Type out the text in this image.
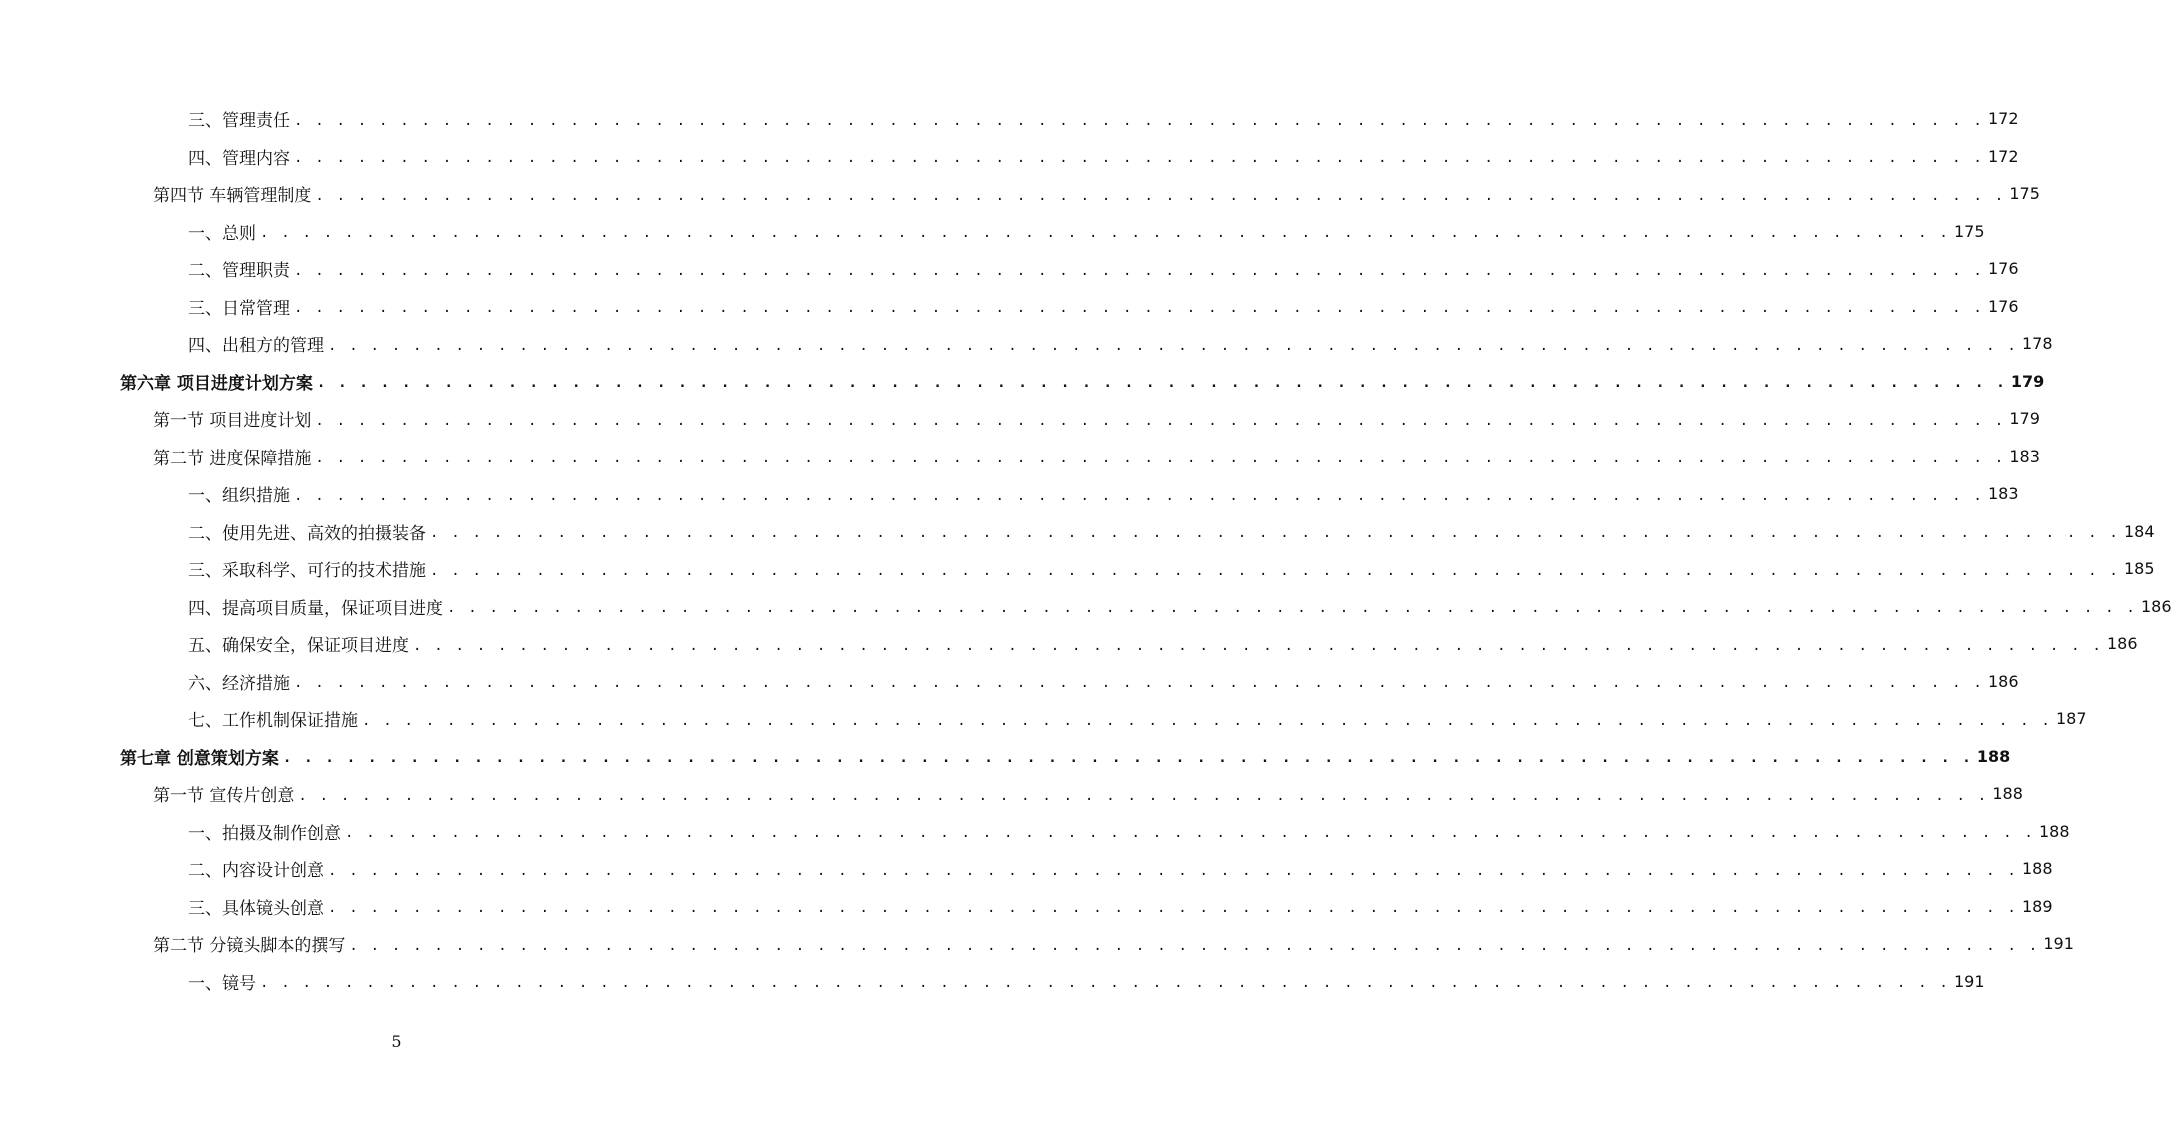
三、管理责任 . . . . . . . . . . . . . . . . . . . . . . . . . . . . . . . . . . . . . . . . . . . . . . . . . . . . . . . . . . . . . . . . . . . . . . . . . . . . . . . . 172
四、管理内容 . . . . . . . . . . . . . . . . . . . . . . . . . . . . . . . . . . . . . . . . . . . . . . . . . . . . . . . . . . . . . . . . . . . . . . . . . . . . . . . . 172
第四节 车辆管理制度 . . . . . . . . . . . . . . . . . . . . . . . . . . . . . . . . . . . . . . . . . . . . . . . . . . . . . . . . . . . . . . . . . . . . . . . . . . . . . . . . 175
一、总则 . . . . . . . . . . . . . . . . . . . . . . . . . . . . . . . . . . . . . . . . . . . . . . . . . . . . . . . . . . . . . . . . . . . . . . . . . . . . . . . . 175
二、管理职责 . . . . . . . . . . . . . . . . . . . . . . . . . . . . . . . . . . . . . . . . . . . . . . . . . . . . . . . . . . . . . . . . . . . . . . . . . . . . . . . . 176
三、日常管理 . . . . . . . . . . . . . . . . . . . . . . . . . . . . . . . . . . . . . . . . . . . . . . . . . . . . . . . . . . . . . . . . . . . . . . . . . . . . . . . . 176
四、出租方的管理 . . . . . . . . . . . . . . . . . . . . . . . . . . . . . . . . . . . . . . . . . . . . . . . . . . . . . . . . . . . . . . . . . . . . . . . . . . . . . . . . 178
第六章 项目进度计划方案 . . . . . . . . . . . . . . . . . . . . . . . . . . . . . . . . . . . . . . . . . . . . . . . . . . . . . . . . . . . . . . . . . . . . . . . . . . . . . . . . 179
第一节 项目进度计划 . . . . . . . . . . . . . . . . . . . . . . . . . . . . . . . . . . . . . . . . . . . . . . . . . . . . . . . . . . . . . . . . . . . . . . . . . . . . . . . . 179
第二节 进度保障措施 . . . . . . . . . . . . . . . . . . . . . . . . . . . . . . . . . . . . . . . . . . . . . . . . . . . . . . . . . . . . . . . . . . . . . . . . . . . . . . . . 183
一、组织措施 . . . . . . . . . . . . . . . . . . . . . . . . . . . . . . . . . . . . . . . . . . . . . . . . . . . . . . . . . . . . . . . . . . . . . . . . . . . . . . . . 183
二、使用先进、高效的拍摄装备 . . . . . . . . . . . . . . . . . . . . . . . . . . . . . . . . . . . . . . . . . . . . . . . . . . . . . . . . . . . . . . . . . . . . . . . . . . . . . . . . 184
三、采取科学、可行的技术措施 . . . . . . . . . . . . . . . . . . . . . . . . . . . . . . . . . . . . . . . . . . . . . . . . . . . . . . . . . . . . . . . . . . . . . . . . . . . . . . . . 185
四、提高项目质量，保证项目进度 . . . . . . . . . . . . . . . . . . . . . . . . . . . . . . . . . . . . . . . . . . . . . . . . . . . . . . . . . . . . . . . . . . . . . . . . . . . . . . . . 186
五、确保安全，保证项目进度 . . . . . . . . . . . . . . . . . . . . . . . . . . . . . . . . . . . . . . . . . . . . . . . . . . . . . . . . . . . . . . . . . . . . . . . . . . . . . . . . 186
六、经济措施 . . . . . . . . . . . . . . . . . . . . . . . . . . . . . . . . . . . . . . . . . . . . . . . . . . . . . . . . . . . . . . . . . . . . . . . . . . . . . . . . 186
七、工作机制保证措施 . . . . . . . . . . . . . . . . . . . . . . . . . . . . . . . . . . . . . . . . . . . . . . . . . . . . . . . . . . . . . . . . . . . . . . . . . . . . . . . . 187
第七章 创意策划方案 . . . . . . . . . . . . . . . . . . . . . . . . . . . . . . . . . . . . . . . . . . . . . . . . . . . . . . . . . . . . . . . . . . . . . . . . . . . . . . . . 188
第一节 宣传片创意 . . . . . . . . . . . . . . . . . . . . . . . . . . . . . . . . . . . . . . . . . . . . . . . . . . . . . . . . . . . . . . . . . . . . . . . . . . . . . . . . 188
一、拍摄及制作创意 . . . . . . . . . . . . . . . . . . . . . . . . . . . . . . . . . . . . . . . . . . . . . . . . . . . . . . . . . . . . . . . . . . . . . . . . . . . . . . . . 188
二、内容设计创意 . . . . . . . . . . . . . . . . . . . . . . . . . . . . . . . . . . . . . . . . . . . . . . . . . . . . . . . . . . . . . . . . . . . . . . . . . . . . . . . . 188
三、具体镜头创意 . . . . . . . . . . . . . . . . . . . . . . . . . . . . . . . . . . . . . . . . . . . . . . . . . . . . . . . . . . . . . . . . . . . . . . . . . . . . . . . . 189
第二节 分镜头脚本的撰写 . . . . . . . . . . . . . . . . . . . . . . . . . . . . . . . . . . . . . . . . . . . . . . . . . . . . . . . . . . . . . . . . . . . . . . . . . . . . . . . . 191
一、镜号 . . . . . . . . . . . . . . . . . . . . . . . . . . . . . . . . . . . . . . . . . . . . . . . . . . . . . . . . . . . . . . . . . . . . . . . . . . . . . . . . 191
5
